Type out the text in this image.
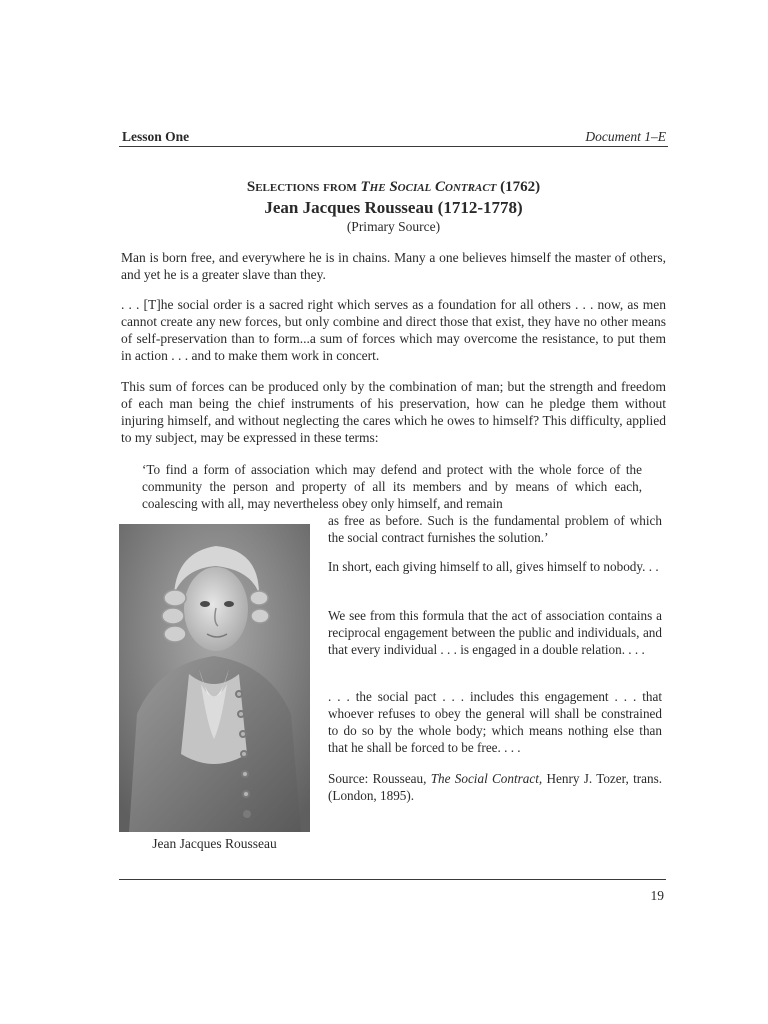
Lesson One	Document 1–E
Selections from The Social Contract (1762)
Jean Jacques Rousseau (1712-1778)
(Primary Source)

Man is born free, and everywhere he is in chains. Many a one believes himself the master of others, and yet he is a greater slave than they.

. . . [T]he social order is a sacred right which serves as a foundation for all others . . . now, as men cannot create any new forces, but only combine and direct those that exist, they have no other means of self-preservation than to form...a sum of forces which may overcome the resistance, to put them in action . . . and to make them work in concert.

This sum of forces can be produced only by the combination of man; but the strength and freedom of each man being the chief instruments of his preservation, how can he pledge them without injuring himself, and without neglecting the cares which he owes to himself? This difficulty, applied to my subject, may be expressed in these terms:

‘To find a form of association which may defend and protect with the whole force of the community the person and property of all its members and by means of which each, coalescing with all, may nevertheless obey only himself, and remain

as free as before. Such is the fundamental problem of which the social contract furnishes the solution.’

In short, each giving himself to all, gives himself to nobody. . .

We see from this formula that the act of association contains a reciprocal engagement between the public and individuals, and that every individual . . . is engaged in a double relation. . . .

. . . the social pact . . . includes this engagement . . . that whoever refuses to obey the general will shall be constrained to do so by the whole body; which means nothing else than that he shall be forced to be free. . . .

Source: Rousseau, The Social Contract, Henry J. Tozer, trans. (London, 1895).

Jean Jacques Rousseau
19
